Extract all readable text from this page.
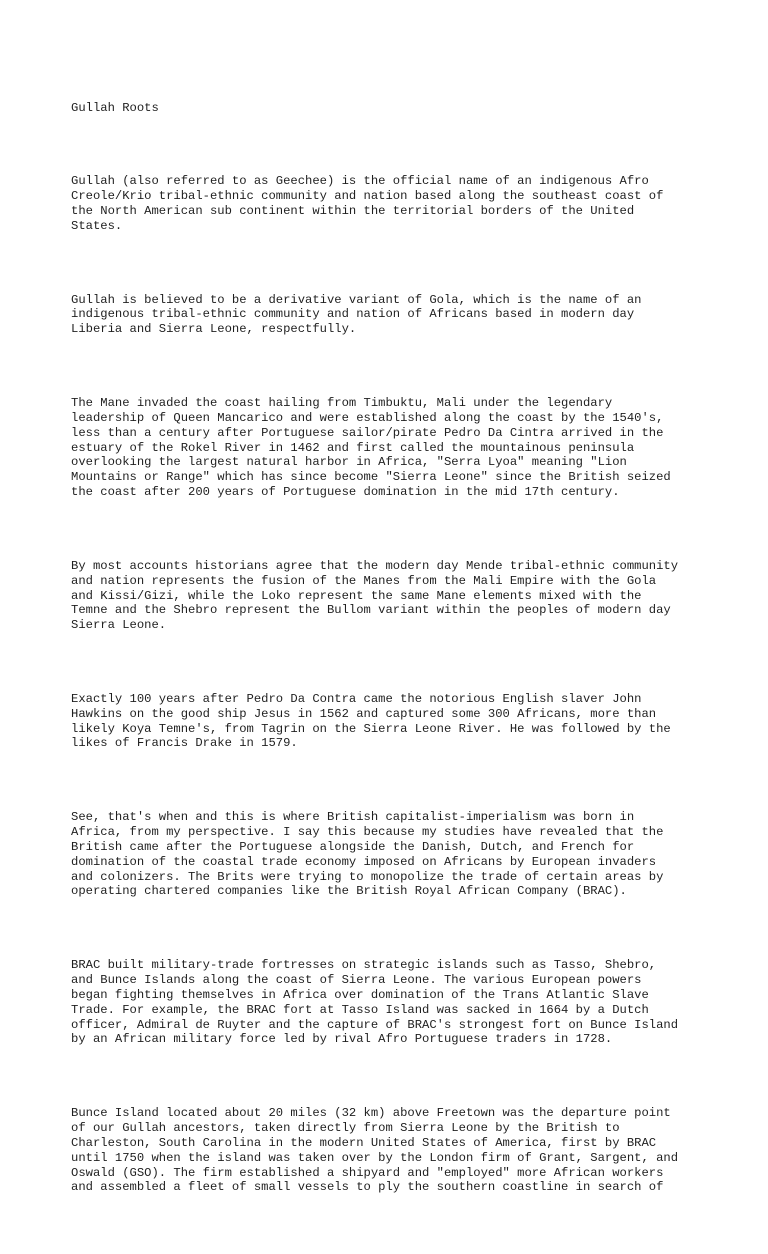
Gullah Roots

Gullah (also referred to as Geechee) is the official name of an indigenous Afro
Creole/Krio tribal-ethnic community and nation based along the southeast coast of
the North American sub continent within the territorial borders of the United
States.

Gullah is believed to be a derivative variant of Gola, which is the name of an
indigenous tribal-ethnic community and nation of Africans based in modern day
Liberia and Sierra Leone, respectfully.

The Mane invaded the coast hailing from Timbuktu, Mali under the legendary
leadership of Queen Mancarico and were established along the coast by the 1540's,
less than a century after Portuguese sailor/pirate Pedro Da Cintra arrived in the
estuary of the Rokel River in 1462 and first called the mountainous peninsula
overlooking the largest natural harbor in Africa, "Serra Lyoa" meaning "Lion
Mountains or Range" which has since become "Sierra Leone" since the British seized
the coast after 200 years of Portuguese domination in the mid 17th century.

By most accounts historians agree that the modern day Mende tribal-ethnic community
and nation represents the fusion of the Manes from the Mali Empire with the Gola
and Kissi/Gizi, while the Loko represent the same Mane elements mixed with the
Temne and the Shebro represent the Bullom variant within the peoples of modern day
Sierra Leone.

Exactly 100 years after Pedro Da Contra came the notorious English slaver John
Hawkins on the good ship Jesus in 1562 and captured some 300 Africans, more than
likely Koya Temne's, from Tagrin on the Sierra Leone River. He was followed by the
likes of Francis Drake in 1579.

See, that's when and this is where British capitalist-imperialism was born in
Africa, from my perspective. I say this because my studies have revealed that the
British came after the Portuguese alongside the Danish, Dutch, and French for
domination of the coastal trade economy imposed on Africans by European invaders
and colonizers. The Brits were trying to monopolize the trade of certain areas by
operating chartered companies like the British Royal African Company (BRAC).

BRAC built military-trade fortresses on strategic islands such as Tasso, Shebro,
and Bunce Islands along the coast of Sierra Leone. The various European powers
began fighting themselves in Africa over domination of the Trans Atlantic Slave
Trade. For example, the BRAC fort at Tasso Island was sacked in 1664 by a Dutch
officer, Admiral de Ruyter and the capture of BRAC's strongest fort on Bunce Island
by an African military force led by rival Afro Portuguese traders in 1728.

Bunce Island located about 20 miles (32 km) above Freetown was the departure point
of our Gullah ancestors, taken directly from Sierra Leone by the British to
Charleston, South Carolina in the modern United States of America, first by BRAC
until 1750 when the island was taken over by the London firm of Grant, Sargent, and
Oswald (GSO). The firm established a shipyard and "employed" more African workers
and assembled a fleet of small vessels to ply the southern coastline in search of
